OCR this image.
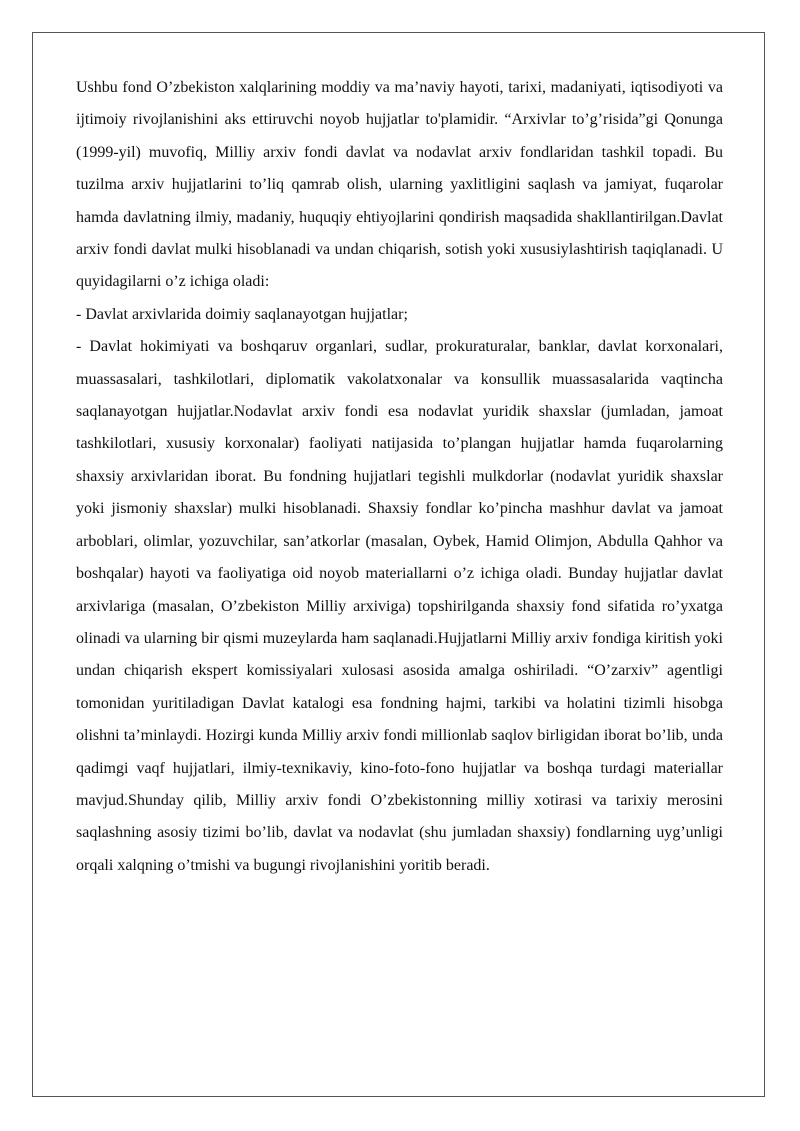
Ushbu fond O’zbekiston xalqlarining moddiy va ma’naviy hayoti, tarixi, madaniyati, iqtisodiyoti va ijtimoiy rivojlanishini aks ettiruvchi noyob hujjatlar to'plamidir. “Arxivlar to’g’risida”gi Qonunga (1999-yil) muvofiq, Milliy arxiv fondi davlat va nodavlat arxiv fondlaridan tashkil topadi. Bu tuzilma arxiv hujjatlarini to’liq qamrab olish, ularning yaxlitligini saqlash va jamiyat, fuqarolar hamda davlatning ilmiy, madaniy, huquqiy ehtiyojlarini qondirish maqsadida shakllantirilgan.Davlat arxiv fondi davlat mulki hisoblanadi va undan chiqarish, sotish yoki xususiylashtirish taqiqlanadi. U quyidagilarni o’z ichiga oladi:

- Davlat arxivlarida doimiy saqlanayotgan hujjatlar;

- Davlat hokimiyati va boshqaruv organlari, sudlar, prokuraturalar, banklar, davlat korxonalari, muassasalari, tashkilotlari, diplomatik vakolatxonalar va konsullik muassasalarida vaqtincha saqlanayotgan hujjatlar.Nodavlat arxiv fondi esa nodavlat yuridik shaxslar (jumladan, jamoat tashkilotlari, xususiy korxonalar) faoliyati natijasida to’plangan hujjatlar hamda fuqarolarning shaxsiy arxivlaridan iborat. Bu fondning hujjatlari tegishli mulkdorlar (nodavlat yuridik shaxslar yoki jismoniy shaxslar) mulki hisoblanadi. Shaxsiy fondlar ko’pincha mashhur davlat va jamoat arboblari, olimlar, yozuvchilar, san’atkorlar (masalan, Oybek, Hamid Olimjon, Abdulla Qahhor va boshqalar) hayoti va faoliyatiga oid noyob materiallarni o’z ichiga oladi. Bunday hujjatlar davlat arxivlariga (masalan, O’zbekiston Milliy arxiviga) topshirilganda shaxsiy fond sifatida ro’yxatga olinadi va ularning bir qismi muzeylarda ham saqlanadi.Hujjatlarni Milliy arxiv fondiga kiritish yoki undan chiqarish ekspert komissiyalari xulosasi asosida amalga oshiriladi. “O’zarxiv” agentligi tomonidan yuritiladigan Davlat katalogi esa fondning hajmi, tarkibi va holatini tizimli hisobga olishni ta’minlaydi. Hozirgi kunda Milliy arxiv fondi millionlab saqlov birligidan iborat bo’lib, unda qadimgi vaqf hujjatlari, ilmiy-texnikaviy, kino-foto-fono hujjatlar va boshqa turdagi materiallar mavjud.Shunday qilib, Milliy arxiv fondi O’zbekistonning milliy xotirasi va tarixiy merosini saqlashning asosiy tizimi bo’lib, davlat va nodavlat (shu jumladan shaxsiy) fondlarning uyg’unligi orqali xalqning o’tmishi va bugungi rivojlanishini yoritib beradi.
